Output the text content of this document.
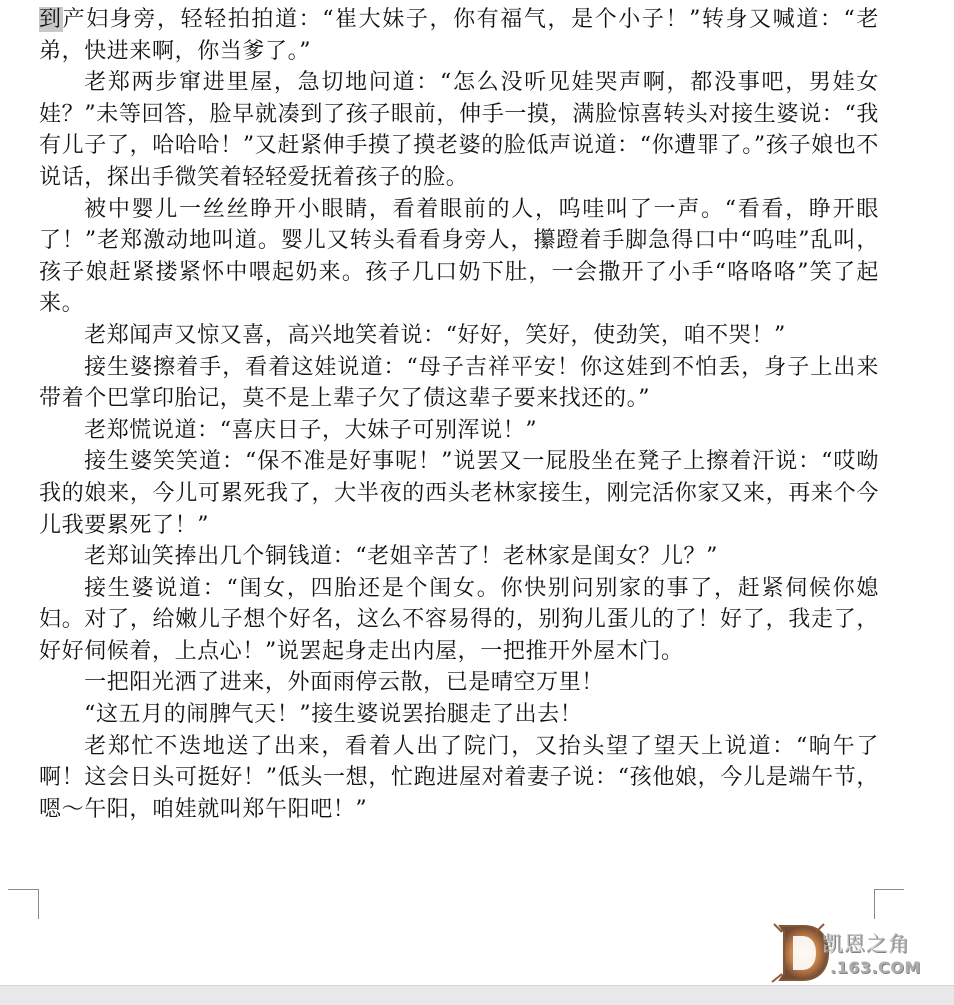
到产妇身旁，轻轻拍拍道：“崔大妹子，你有福气，是个小子！”转身又喊道：“老弟，快进来啊，你当爹了。”

老郑两步窜进里屋，急切地问道：“怎么没听见娃哭声啊，都没事吧，男娃女娃？”未等回答，脸早就凑到了孩子眼前，伸手一摸，满脸惊喜转头对接生婆说：“我有儿子了，哈哈哈！”又赶紧伸手摸了摸老婆的脸低声说道：“你遭罪了。”孩子娘也不说话，探出手微笑着轻轻爱抚着孩子的脸。

被中婴儿一丝丝睁开小眼睛，看着眼前的人，呜哇叫了一声。“看看，睁开眼了！”老郑激动地叫道。婴儿又转头看看身旁人，攥蹬着手脚急得口中“呜哇”乱叫，孩子娘赶紧搂紧怀中喂起奶来。孩子几口奶下肚，一会撒开了小手“咯咯咯”笑了起来。

老郑闻声又惊又喜，高兴地笑着说：“好好，笑好，使劲笑，咱不哭！”

接生婆擦着手，看着这娃说道：“母子吉祥平安！你这娃到不怕丢，身子上出来带着个巴掌印胎记，莫不是上辈子欠了债这辈子要来找还的。”

老郑慌说道：“喜庆日子，大妹子可别浑说！”

接生婆笑笑道：“保不准是好事呢！”说罢又一屁股坐在凳子上擦着汗说：“哎呦我的娘来，今儿可累死我了，大半夜的西头老林家接生，刚完活你家又来，再来个今儿我要累死了！”

老郑讪笑捧出几个铜钱道：“老姐辛苦了！老林家是闺女？儿？”

接生婆说道：“闺女，四胎还是个闺女。你快别问别家的事了，赶紧伺候你媳妇。对了，给嫩儿子想个好名，这么不容易得的，别狗儿蛋儿的了！好了，我走了，好好伺候着，上点心！”说罢起身走出内屋，一把推开外屋木门。

一把阳光洒了进来，外面雨停云散，已是晴空万里！

“这五月的闹脾气天！”接生婆说罢抬腿走了出去！

老郑忙不迭地送了出来，看着人出了院门，又抬头望了望天上说道：“晌午了啊！这会日头可挺好！”低头一想，忙跑进屋对着妻子说：“孩他娘，今儿是端午节，嗯～午阳，咱娃就叫郑午阳吧！”

凯恩之角
.163.COM
